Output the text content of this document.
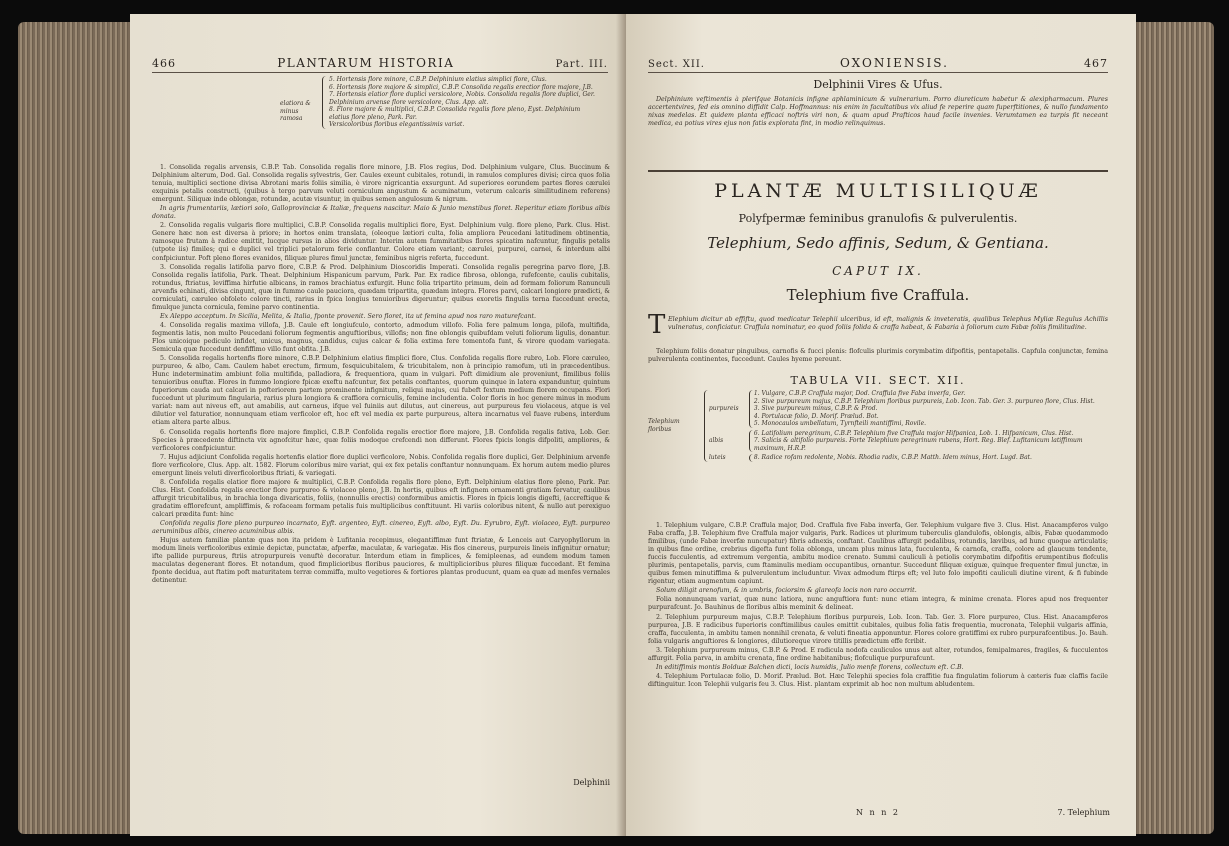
466	PLANTARUM HISTORIA	Part. III.
elatiora & minus ramosa
5. Hortensis flore minore, C.B.P. Delphinium elatius simplici flore, Clus.
6. Hortensis flore majore & simplici, C.B.P. Consolida regalis erectior flore majore, J.B.
7. Hortensis elatior flore duplici versicolore, Nobis. Consolida regalis flore duplici, Ger. Delphinium arvense flore versicolore, Clus. App. alt.
8. Flore majore & multiplici, C.B.P. Consolida regalis flore pleno, Eyst. Delphinium elatius flore pleno, Park. Par.
Versicoloribus floribus elegantissimis variat.

1. Consolida regalis arvensis, C.B.P. Tab. Consolida regalis flore minore, J.B. Flos regius, Dod. Delphinium vulgare, Clus. Buccinum & Delphinium alterum, Dod. Gal. Consolida regalis sylvestris, Ger. Caules exeunt cubitales, rotundi, in ramulos complures divisi; circa quos folia tenuia, multiplici sectione divisa Abrotani maris foliis similia, è virore nigricantia exsurgunt. Ad superiores eorundem partes flores cærulei exquinis petalis constructi, (quibus à tergo parvum veluti corniculum angustum & acuminatum, veterum calcaris similitudinem referens) emergunt. Siliquæ inde oblongæ, rotundæ, acutæ visuntur, in quibus semen angulosum & nigrum.

In agris frumentariis, lætiori solo, Galloprovinciæ & Italiæ, frequens nascitur. Maio & Junio menstibus floret. Reperitur etiam floribus albis donata.

2. Consolida regalis vulgaris flore multiplici, C.B.P. Consolida regalis multiplici flore, Eyst. Delphinium vulg. flore pleno, Park. Clus. Hist. Genere hæc non est diversa à priore; in hortos enim translata, (oleoque lætiori culta, folia ampliora Peucedani latitudinem obtinentia, ramosque frutam à radice emittit, lucque rursus in alios dividuntur. Interim autem fummitatibus flores spicatim nafcuntur, fingulis petalis (utpote iis) fimiles; qui e duplici vel triplici petalorum ferie conflantur. Colore etiam variant; cærulei, purpurei, carnei, & interdum albi confpiciuntur. Poft pleno flores evanidos, filiquæ plures fimul junctæ, feminibus nigris referta, fuccedunt.

3. Consolida regalis latifolia parvo flore, C.B.P. & Prod. Delphinium Dioscoridis Imperati. Consolida regalis peregrina parvo flore, J.B. Consolida regalis latifolia, Park. Theat. Delphinium Hispanicum parvum, Park. Par. Ex radice fibrosa, oblonga, rufefcente, caulis cubitalis, rotundus, ftriatus, leviffima hirfutie albicans, in ramos brachiatus exfurgit. Hunc folia tripartito primum, dein ad formam foliorum Ranunculi arvenfis echinati, divisa cingunt, quæ in fummo caule pauciora, quædam tripartita, quædam integra. Flores parvi, calcari longiore prædicti, & corniculati, cæruleo obfoleto colore tincti, rarius in fpica longius tenuioribus digeruntur; quibus exoretis fingulis terna fuccedunt erecta, fimulque juncta cornicula, femine parvo continentia.

Ex Aleppo acceptum. In Sicilia, Melita, & Italia, fponte provenit. Sero floret, ita ut femina apud nos raro maturefcant.

4. Consolida regalis maxima villofa, J.B. Caule eft longiufculo, contorto, admodum villofo. Folia fere palmum longa, pilofa, multifida, fegmentis latis, non multo Peucedani foliorum fegmentis anguftioribus, villofis; non fine oblongis quibufdam veluti foliorum ligulis, donantur. Flos unicoique pediculo infidet, unicus, magnus, candidus, cujus calcar & folia extima fere tomentofa funt, & virore quodam variegata. Semicula quæ fuccedunt denfiffimo villo funt obfita. J.B.

5. Consolida regalis hortenfis flore minore, C.B.P. Delphinium elatius fimplici flore, Clus. Confolida regalis flore rubro, Lob. Flore cæruleo, purpureo, & albo, Cam. Caulem habet erectum, firmum, fesquicubitalem, & tricubitalem, non à principio ramofum, uti in præcedentibus. Hunc indeterminatim ambiunt folia multifida, palladiora, & frequentiora, quam in vulgari. Poft dimidium ale proveniunt, fimilibus foliis tenuioribus onuftæ. Flores in fummo longiore fpicæ exeftu nafcuntur, fex petalis conftantes, quorum quinque in latera expanduntur, quintum fuperiorum cauda aut calcari in pofteriorem partem prominente infignitum, reliqui majus, cui fubeft fextum medium florem occupans. Flori fuccedunt ut plurimum fingularia, rarius plura longiora & craffiora corniculis, femine includentia. Color floris in hoc genere minus in modum variat: nam aut niveus eft, aut amabilis, aut carneus, ifque vel fuiniis aut dilutus, aut cinereus, aut purpureus feu violaceus, atque is vel dilutior vel faturatior, nonnunquam etiam verficolor eft, hoc eft vel media ex parte purpureus, altera incarnatus vel fuave rubens, interdum etiam altera parte albus.

6. Consolida regalis hortenfis flore majore fimplici, C.B.P. Confolida regalis erectior flore majore, J.B. Confolida regalis fativa, Lob. Ger. Species à præcedente diftincta vix agnofcitur hæc, quæ foliis modoque crefcendi non differunt. Flores fpicis longis difpoliti, ampliores, & verficolores confpiciuntur.

7. Hujus adjiciunt Confolida regalis hortenfis elatior flore duplici verficolore, Nobis. Confolida regalis flore duplici, Ger. Delphinium arvenfe flore verficolore, Clus. App. alt. 1582. Florum coloribus mire variat, qui ex fex petalis conftantur nonnunquam. Ex horum autem medio plures emergunt lineis veluti diverficoloribus ftriati, & variegati.

8. Confolida regalis elatior flore majore & multiplici, C.B.P. Confolida regalis flore pleno, Eyft. Delphinium elatius flore pleno, Park. Par. Clus. Hist. Confolida regalis erectior flore purpureo & violaceo pleno, J.B. In hortis, quibus eft infignem ornamenti gratiam fervatur, caulibus affurgit tricubitalibus, in brachia longa divaricatis, foliis, (nonnullis erectis) conformibus amictis. Flores in fpicis longis digefti, (accreftique & gradatim efflorefcunt, ampliffimis, & rofaceam formam petalis fuis multiplicibus conftituunt. Hi variis coloribus nitent, & nullo aut perexiguo calcari prædita funt: hinc

Confolida regalis flore pleno purpureo incarnato, Eyft. argenteo, Eyft. cinereo, Eyft. albo, Eyft. Du. Eyrubro, Eyft. violaceo, Eyft. purpureo aeruminibus albis, cinereo acuminibus albis.

Hujus autem familiæ plantæ quas non ita pridem è Lufitania recepimus, elegantiffimæ funt ftriatæ, & Lenceis aut Caryophyllorum in modum lineis verficoloribus eximie depictæ, punctatæ, afperfæ, maculatæ, & variegatæ. His flos cinereus, purpureis lineis infignitur ornatur; ifte pallide purpureus, ftriis atropurpureis venuftè decoratur. Interdum etiam in fimplices, & femipleenas, ad eundem modum tamen maculatas degenerant flores. Et notandum, quod fimplicioribus floribus pauciores, & multiplicioribus plures filiquæ fuccedant. Et femina fponte decidua, aut ftatim poft maturitatem terræ commiffa, multo vegetiores & fortiores plantas producunt, quam ea quæ ad menfes vernales detinentur.

Delphinii
Sect. XII.	OXONIENSIS.	467
Delphinii Vires & Ufus.

Delphinium veftimentis à plerifque Botanicis infigne aphlaminicum & vulnerarium. Porro diureticum habetur & alexipharmacum. Plures accertentvires, fed eis omnino diffidit Calp. Hoffmannus: nis enim in facultatibus vix aliud fe reperire quam fuperftitiones, & nullo fundamento nixas medelas. Et quidem planta efficaci noftris viri non, & quam apud Prafticos haud facile invenies. Verumtamen ea turpis fit neceant medica, ea potius vires ejus non fatis explorata fint, in modio relinquimus.

PLANTÆ MULTISILIQUÆ
Polyfpermæ feminibus granulofis & pulverulentis.
Telephium, Sedo affinis, Sedum, & Gentiana.
CAPUT IX.
Telephium five Craffula.
T Elephium dicitur ab effiftu, quod medicatur Telephii ulceribus, id eft, malignis & inveteratis, qualibus Telephus Myliæ Regulus Achillis vulneratus, conficiatur. Craffula nominatur, eo quod foliis folida & craffa habeat, & Fabaria à foliorum cum Fabæ foliis fimilitudine.

Telephium foliis donatur pinguibus, carnofis & fucci plenis: flofculis plurimis corymbatim difpofitis, pentapetalis. Capfula conjunctæ, femina pulverulenta continentes, fuccedunt. Caules hyeme pereunt.

TABULA VII. SECT. XII.
Telephium floribus
purpureis
1. Vulgare, C.B.P. Craffula major, Dod. Craffula five Faba inverfa, Ger.
2. Sive purpureum majus, C.B.P. Telephium floribus purpureis, Lob. Icon. Tab. Ger. 3. purpureo flore, Clus. Hist.
3. Sive purpureum minus, C.B.P. & Prod.
4. Portulacæ folio, D. Morif. Prælud. Bot.
5. Monocaulos umbellatum, Tyrnfteili mantiffimi, Rovile.
albis
6. Latifolium peregrinum, C.B.P. Telephium five Craffula major Hifpanica, Lob. 1. Hifpanicum, Clus. Hist.
7. Salicis & altifolio purpureis. Forte Telephium peregrinum rubens, Hort. Reg. Blef. Lufitanicum latiffimum maximum, H.R.P.
luteis	8. Radice rofam redolente, Nobis. Rhodia radix, C.B.P. Matth. Idem minus, Hort. Lugd. Bat.

1. Telephium vulgare, C.B.P. Craffula major, Dod. Craffula five Faba inverfa, Ger. Telephium vulgare five 3. Clus. Hist. Anacampferos vulgo Faba craffa, J.B. Telephium five Craffula major vulgaris, Park. Radices ut plurimum tuberculis glandulofis, oblongis, albis, Fabæ quodammodo fimilibus, (unde Fabæ inverfæ nuncupatur) fibris adnexis, conftant. Caulibus affurgit pedalibus, rotundis, lævibus, ad hunc quoque articulatis; in quibus fine ordine, crebrius digefta funt folia oblonga, uncam plus minus lata, fucculenta, & carnofa, craffa, colore ad glaucum tendente, fuccis fucculentis, ad extremum vergentia, ambitu modice crenato. Summi cauliculi à petiolis corymbatim difpofitis erumpentibus flofculis plurimis, pentapetalis, parvis, cum ftaminulis mediam occupantibus, ornantur. Succedunt filiquæ exiguæ, quinque frequenter fimul junctæ, in quibus femen minutiffima & pulverulentum includuntur. Vivax admodum ftirps eft; vel luto folo impofiti cauliculi diutine virent, & fi fubinde rigentur, etiam augmentum capiunt.

Solum diligit arenofum, & in umbris, fociorsim & glareofa locis non raro occurrit.

Folia nonnunquam variat, quæ nunc latiora, nunc anguftiora funt: nunc etiam integra, & minime crenata. Flores apud nos frequenter purpurafcunt. Jo. Bauhinus de floribus albis meminit & delineat.

2. Telephium purpureum majus, C.B.P. Telephium floribus purpureis, Lob. Icon. Tab. Ger. 3. Flore purpureo, Clus. Hist. Anacampferos purpurea, J.B. E radicibus fuperioris conftimilibus caules emittit cubitales, quibus folia fatis frequentia, mucronata, Telephii vulgaris affinia, craffa, fucculenta, in ambitu tamen nonnihil crenata, & veluti fineatia apponuntur. Flores colore gratiffimi ex rubro purpurafcentibus. Jo. Bauh. folia vulgaris anguftiores & longiores, dilutioreque virore titillis prædictum effe fcribit.

3. Telephium purpureum minus, C.B.P. & Prod. E radicula nodofa cauliculos unus aut alter, rotundos, femipalmares, fragiles, & fucculentos affurgit. Folia parva, in ambitu crenata, fine ordine habitanibus; flofculique purpurafcunt.

In editiffimis montis Bolduæ Balchen dicti, locis humidis, Julio menfe florens, collectum eft. C.B.

4. Telephium Portulacæ folio, D. Morif. Prælud. Bot. Hæc Telephii species fola craffitie fua fingulatim foliorum à cæteris fuæ claffis facile diftinguitur. Icon Telephii vulgaris feu 3. Clus. Hist. plantam exprimit ab hoc non multum abludentem.

N n n 2	7. Telephium
